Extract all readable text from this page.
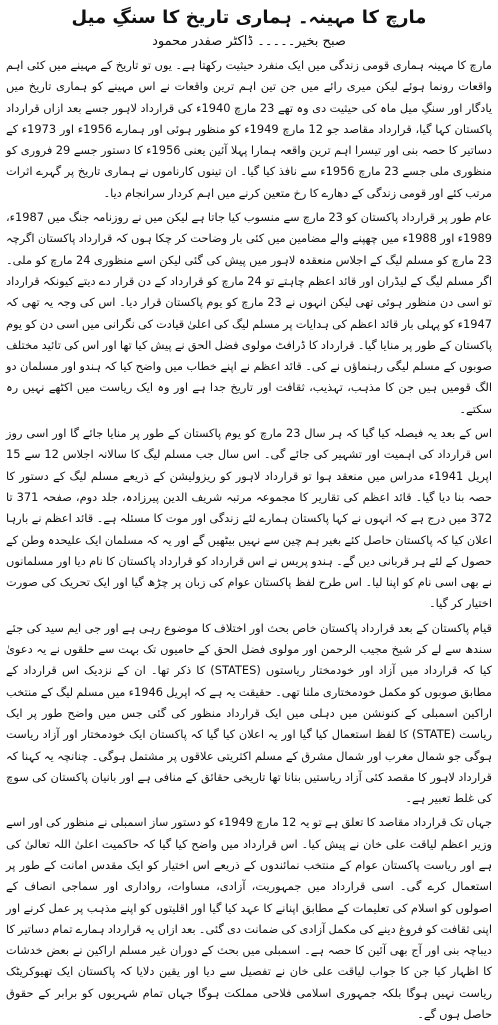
مارچ کا مہینہ۔ ہماری تاریخ کا سنگِ میل
صبح بخیر۔۔۔۔۔ ڈاکٹر صفدر محمود

مارچ کا مہینہ ہماری قومی زندگی میں ایک منفرد حیثیت رکھتا ہے۔ یوں تو تاریخ کے مہینے میں کئی اہم واقعات رونما ہوئے لیکن میری رائے میں جن تین اہم ترین واقعات نے اس مہینے کو ہماری تاریخ میں یادگار اور سنگِ میل ماہ کی حیثیت دی وہ تھے 23 مارچ 1940ء کی قرارداد لاہور جسے بعد ازاں قرارداد پاکستان کہا گیا، قرارداد مقاصد جو 12 مارچ 1949ء کو منظور ہوئی اور ہمارے 1956ء اور 1973ء کے دساتیر کا حصہ بنی اور تیسرا اہم ترین واقعہ ہمارا پہلا آئین یعنی 1956ء کا دستور جسے 29 فروری کو منظوری ملی جسے 23 مارچ 1956ء سے نافذ کیا گیا۔ ان تینوں کارناموں نے ہماری تاریخ پر گہرے اثرات مرتب کئے اور قومی زندگی کے دھارے کا رخ متعین کرنے میں اہم کردار سرانجام دیا۔

عام طور پر قرارداد پاکستان کو 23 مارچ سے منسوب کیا جاتا ہے لیکن میں نے روزنامہ جنگ میں 1987ء، 1989ء اور 1988ء میں چھپنے والے مضامین میں کئی بار وضاحت کر چکا ہوں کہ قرارداد پاکستان اگرچہ 23 مارچ کو مسلم لیگ کے اجلاس منعقدہ لاہور میں پیش کی گئی لیکن اسے منظوری 24 مارچ کو ملی۔ اگر مسلم لیگ کے لیڈران اور قائد اعظم چاہتے تو 24 مارچ کو قرارداد کے دن قرار دے دیتے کیونکہ قرارداد تو اسی دن منظور ہوئی تھی لیکن انہوں نے 23 مارچ کو یوم پاکستان قرار دیا۔ اس کی وجہ یہ تھی کہ 1947ء کو پہلی بار قائد اعظم کی ہدایات پر مسلم لیگ کی اعلیٰ قیادت کی نگرانی میں اسی دن کو یوم پاکستان کے طور پر منایا گیا۔ قرارداد کا ڈرافٹ مولوی فضل الحق نے پیش کیا تھا اور اس کی تائید مختلف صوبوں کے مسلم لیگی رہنماؤں نے کی۔ قائد اعظم نے اپنے خطاب میں واضح کیا کہ ہندو اور مسلمان دو الگ قومیں ہیں جن کا مذہب، تہذیب، ثقافت اور تاریخ جدا ہے اور وہ ایک ریاست میں اکٹھے نہیں رہ سکتے۔

اس کے بعد یہ فیصلہ کیا گیا کہ ہر سال 23 مارچ کو یوم پاکستان کے طور پر منایا جائے گا اور اسی روز اس قرارداد کی اہمیت اور تشہیر کی جائے گی۔ اس سال جب مسلم لیگ کا سالانہ اجلاس 12 سے 15 اپریل 1941ء مدراس میں منعقد ہوا تو قرارداد لاہور کو ریزولیشن کے ذریعے مسلم لیگ کے دستور کا حصہ بنا دیا گیا۔ قائد اعظم کی تقاریر کا مجموعہ مرتبہ شریف الدین پیرزادہ، جلد دوم، صفحہ 371 تا 372 میں درج ہے کہ انہوں نے کہا پاکستان ہمارے لئے زندگی اور موت کا مسئلہ ہے۔ قائد اعظم نے بارہا اعلان کیا کہ پاکستان حاصل کئے بغیر ہم چین سے نہیں بیٹھیں گے اور یہ کہ مسلمان ایک علیحدہ وطن کے حصول کے لئے ہر قربانی دیں گے۔ ہندو پریس نے اس قرارداد کو قرارداد پاکستان کا نام دیا اور مسلمانوں نے بھی اسی نام کو اپنا لیا۔ اس طرح لفظ پاکستان عوام کی زبان پر چڑھ گیا اور ایک تحریک کی صورت اختیار کر گیا۔

قیام پاکستان کے بعد قرارداد پاکستان خاص بحث اور اختلاف کا موضوع رہی ہے اور جی ایم سید کی جئے سندھ سے لے کر شیخ مجیب الرحمن اور مولوی فضل الحق کے حامیوں تک بہت سے حلقوں نے یہ دعویٰ کیا کہ قرارداد میں آزاد اور خودمختار ریاستوں (STATES) کا ذکر تھا۔ ان کے نزدیک اس قرارداد کے مطابق صوبوں کو مکمل خودمختاری ملنا تھی۔ حقیقت یہ ہے کہ اپریل 1946ء میں مسلم لیگ کے منتخب اراکین اسمبلی کے کنونشن میں دہلی میں ایک قرارداد منظور کی گئی جس میں واضح طور پر ایک ریاست (STATE) کا لفظ استعمال کیا گیا اور یہ اعلان کیا گیا کہ پاکستان ایک خودمختار اور آزاد ریاست ہوگی جو شمال مغرب اور شمال مشرق کے مسلم اکثریتی علاقوں پر مشتمل ہوگی۔ چنانچہ یہ کہنا کہ قرارداد لاہور کا مقصد کئی آزاد ریاستیں بنانا تھا تاریخی حقائق کے منافی ہے اور بانیان پاکستان کی سوچ کی غلط تعبیر ہے۔

جہاں تک قرارداد مقاصد کا تعلق ہے تو یہ 12 مارچ 1949ء کو دستور ساز اسمبلی نے منظور کی اور اسے وزیر اعظم لیاقت علی خان نے پیش کیا۔ اس قرارداد میں واضح کیا گیا کہ حاکمیت اعلیٰ اللہ تعالیٰ کی ہے اور ریاست پاکستان عوام کے منتخب نمائندوں کے ذریعے اس اختیار کو ایک مقدس امانت کے طور پر استعمال کرے گی۔ اسی قرارداد میں جمہوریت، آزادی، مساوات، رواداری اور سماجی انصاف کے اصولوں کو اسلام کی تعلیمات کے مطابق اپنانے کا عہد کیا گیا اور اقلیتوں کو اپنے مذہب پر عمل کرنے اور اپنی ثقافت کو فروغ دینے کی مکمل آزادی کی ضمانت دی گئی۔ بعد ازاں یہ قرارداد ہمارے تمام دساتیر کا دیباچہ بنی اور آج بھی آئین کا حصہ ہے۔ اسمبلی میں بحث کے دوران غیر مسلم اراکین نے بعض خدشات کا اظہار کیا جن کا جواب لیاقت علی خان نے تفصیل سے دیا اور یقین دلایا کہ پاکستان ایک تھیوکریٹک ریاست نہیں ہوگا بلکہ جمہوری اسلامی فلاحی مملکت ہوگا جہاں تمام شہریوں کو برابر کے حقوق حاصل ہوں گے۔
